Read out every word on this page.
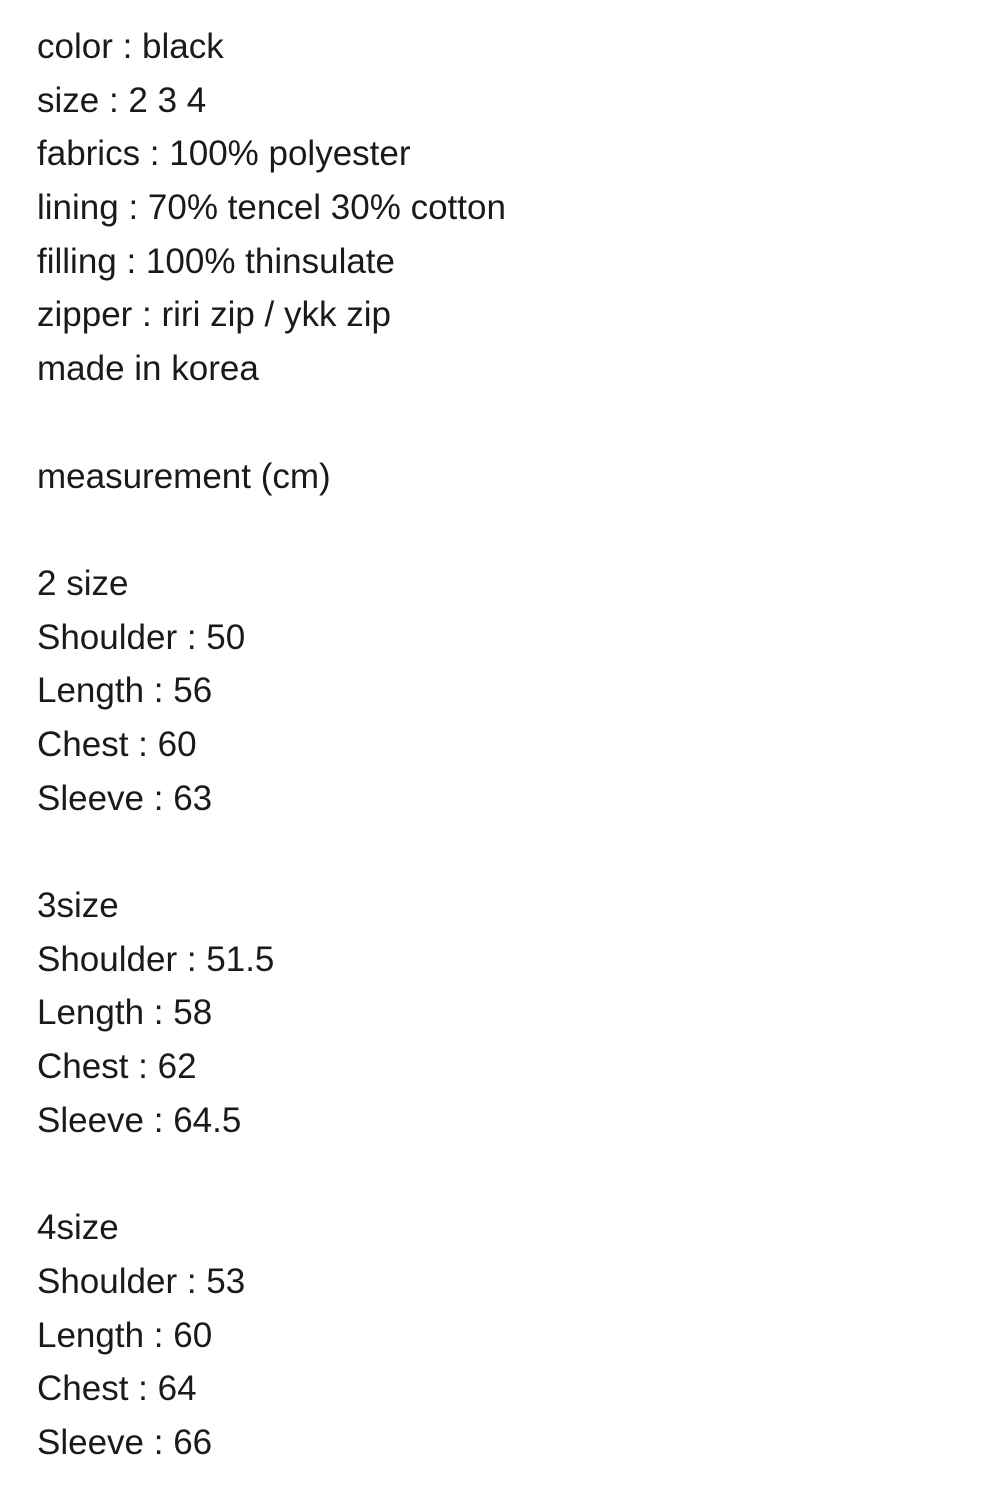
color : black
size : 2 3 4
fabrics : 100% polyester
lining : 70% tencel 30% cotton
filling : 100% thinsulate
zipper : riri zip / ykk zip
made in korea
measurement (cm)
2 size
Shoulder : 50
Length : 56
Chest : 60
Sleeve : 63
3size
Shoulder : 51.5
Length : 58
Chest : 62
Sleeve : 64.5
4size
Shoulder : 53
Length : 60
Chest : 64
Sleeve : 66
